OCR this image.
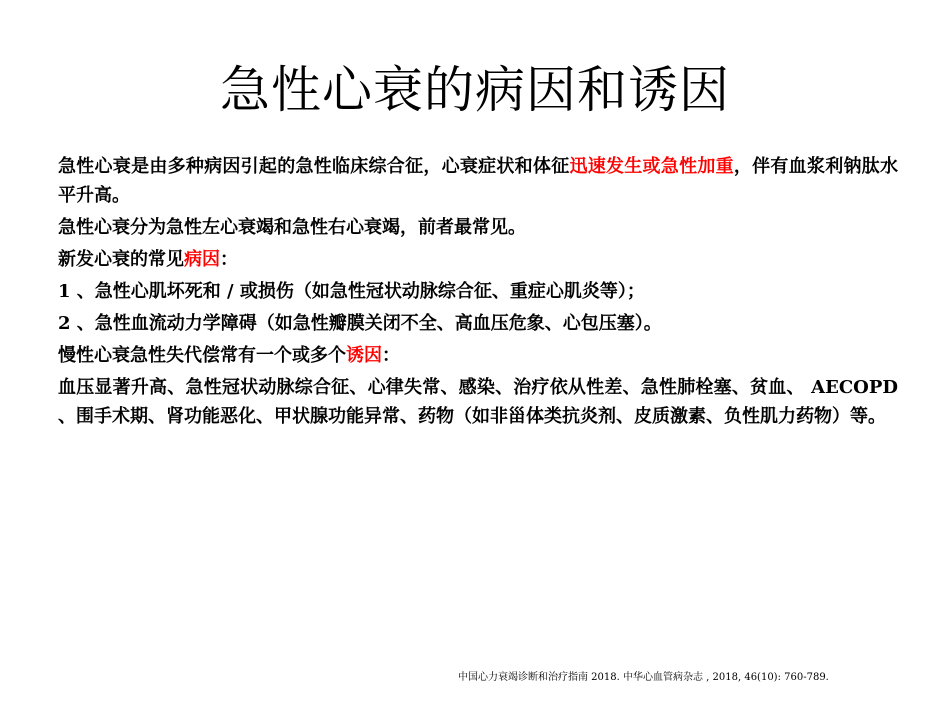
急性心衰的病因和诱因

急性心衰是由多种病因引起的急性临床综合征，心衰症状和体征迅速发生或急性加重，伴有血浆利钠肽水平升高。

急性心衰分为急性左心衰竭和急性右心衰竭，前者最常见。

新发心衰的常见病因：

1 、急性心肌坏死和 / 或损伤（如急性冠状动脉综合征、重症心肌炎等）；

2 、急性血流动力学障碍（如急性瓣膜关闭不全、高血压危象、心包压塞）。

慢性心衰急性失代偿常有一个或多个诱因：

血压显著升高、急性冠状动脉综合征、心律失常、感染、治疗依从性差、急性肺栓塞、贫血、 AECOPD 、围手术期、肾功能恶化、甲状腺功能异常、药物（如非甾体类抗炎剂、皮质激素、负性肌力药物）等。

中国心力衰竭诊断和治疗指南 2018. 中华心血管病杂志 , 2018, 46(10): 760-789.
